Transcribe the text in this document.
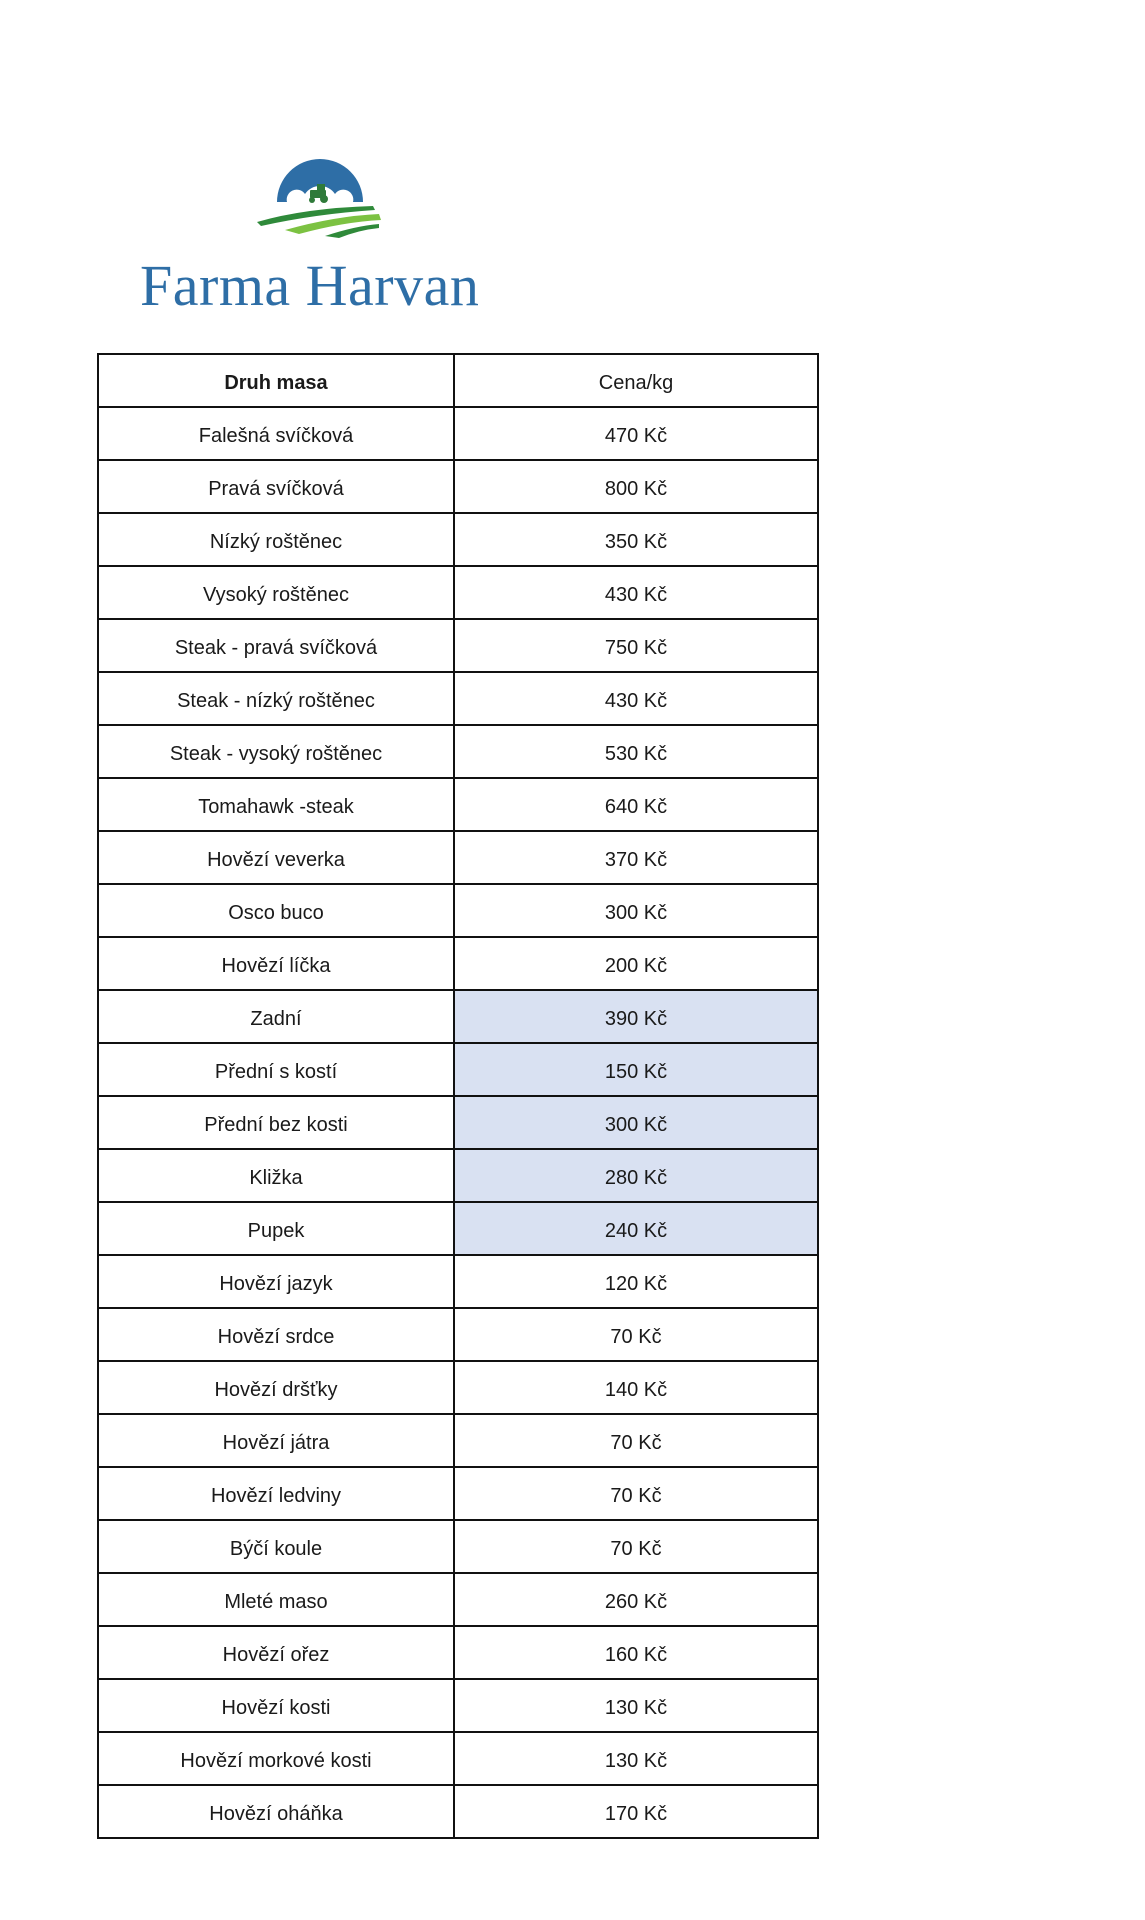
Farma Harvan
Druh masa	Cena/kg
Falešná svíčková	470 Kč
Pravá svíčková	800 Kč
Nízký roštěnec	350 Kč
Vysoký roštěnec	430 Kč
Steak - pravá svíčková	750 Kč
Steak - nízký roštěnec	430 Kč
Steak - vysoký roštěnec	530 Kč
Tomahawk -steak	640 Kč
Hovězí veverka	370 Kč
Osco buco	300 Kč
Hovězí líčka	200 Kč
Zadní	390 Kč
Přední s kostí	150 Kč
Přední bez kosti	300 Kč
Kližka	280 Kč
Pupek	240 Kč
Hovězí jazyk	120 Kč
Hovězí srdce	70 Kč
Hovězí dršťky	140 Kč
Hovězí játra	70 Kč
Hovězí ledviny	70 Kč
Býčí koule	70 Kč
Mleté maso	260 Kč
Hovězí ořez	160 Kč
Hovězí kosti	130 Kč
Hovězí morkové kosti	130 Kč
Hovězí oháňka	170 Kč
